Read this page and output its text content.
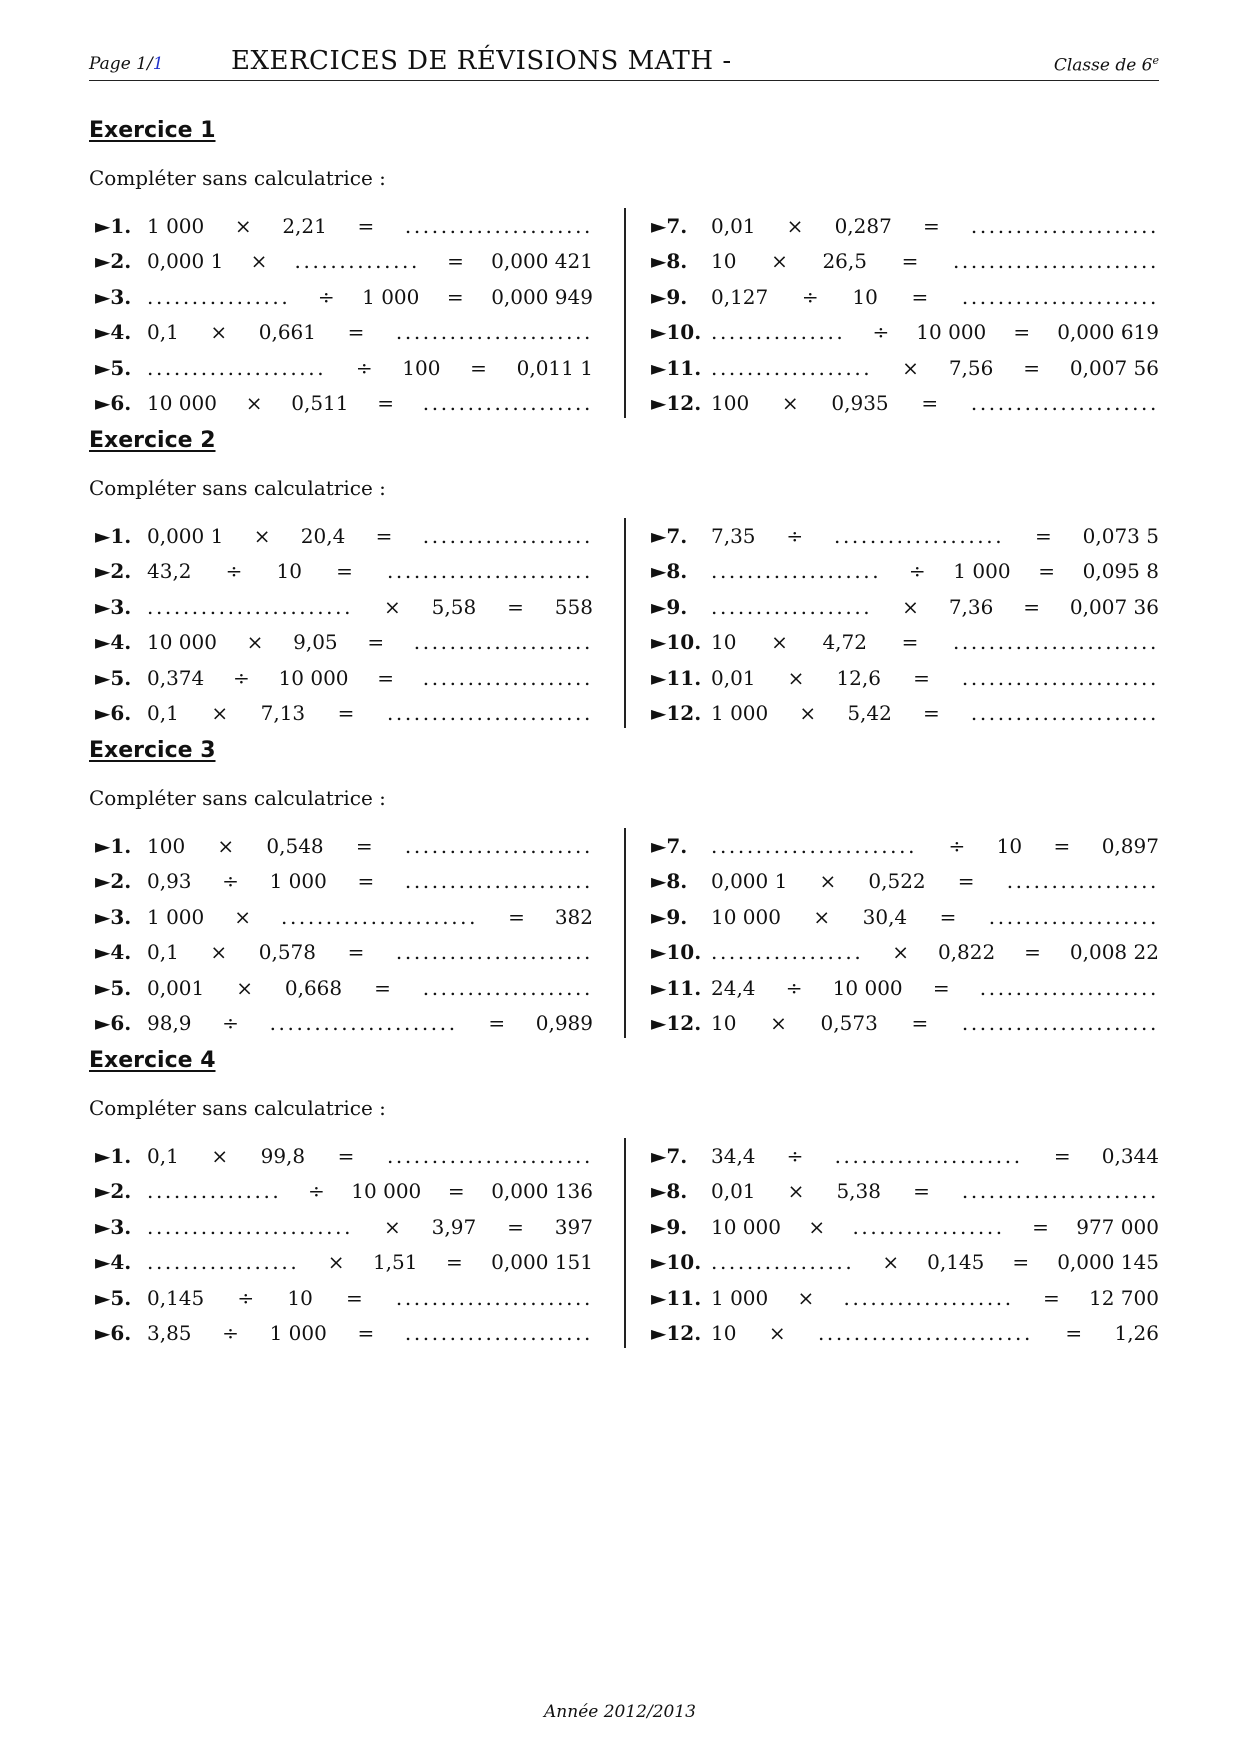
Page 1/1	EXERCICES DE RÉVISIONS MATH -	Classe de 6e
Exercice 1
Compléter sans calculatrice :
►1. 1 000 × 2,21 = .....................
►2. 0,000 1 × .............. = 0,000 421
►3. ................ ÷ 1 000 = 0,000 949
►4. 0,1 × 0,661 = ......................
►5. .................... ÷ 100 = 0,011 1
►6. 10 000 × 0,511 = ...................
►7.	0,01 × 0,287 = .....................
►8.	10 × 26,5 = .......................
►9.	0,127 ÷ 10 = ......................
►10. ............... ÷ 10 000 = 0,000 619
►11. .................. × 7,56 = 0,007 56
►12. 100 × 0,935 = .....................
Exercice 2
Compléter sans calculatrice :
►1. 0,000 1 × 20,4 = ...................
►2. 43,2 ÷ 10 = .......................
►3. ....................... × 5,58 = 558
►4. 10 000 × 9,05 = ....................
►5. 0,374 ÷ 10 000 = ...................
►6. 0,1 × 7,13 = .......................
►7.	7,35 ÷ ................... = 0,073 5
►8.	................... ÷ 1 000 = 0,095 8
►9.	.................. × 7,36 = 0,007 36
►10. 10 × 4,72 = .......................
►11. 0,01 × 12,6 = ......................
►12. 1 000 × 5,42 = .....................
Exercice 3
Compléter sans calculatrice :
►1. 100 × 0,548 = .....................
►2. 0,93 ÷ 1 000 = .....................
►3. 1 000 × ...................... = 382
►4. 0,1 × 0,578 = ......................
►5. 0,001 × 0,668 = ...................
►6. 98,9 ÷ ..................... = 0,989
►7.	....................... ÷ 10 = 0,897
►8.	0,000 1 × 0,522 = .................
►9.	10 000 × 30,4 = ...................
►10. ................. × 0,822 = 0,008 22
►11. 24,4 ÷ 10 000 = ....................
►12. 10 × 0,573 = ......................
Exercice 4
Compléter sans calculatrice :
►1. 0,1 × 99,8 = .......................
►2. ............... ÷ 10 000 = 0,000 136
►3. ....................... × 3,97 = 397
►4. ................. × 1,51 = 0,000 151
►5. 0,145 ÷ 10 = ......................
►6. 3,85 ÷ 1 000 = .....................
►7.	34,4 ÷ ..................... = 0,344
►8.	0,01 × 5,38 = ......................
►9.	10 000 × ................. = 977 000
►10. ................ × 0,145 = 0,000 145
►11. 1 000 × ................... = 12 700
►12. 10 × ........................ = 1,26
Année 2012/2013
